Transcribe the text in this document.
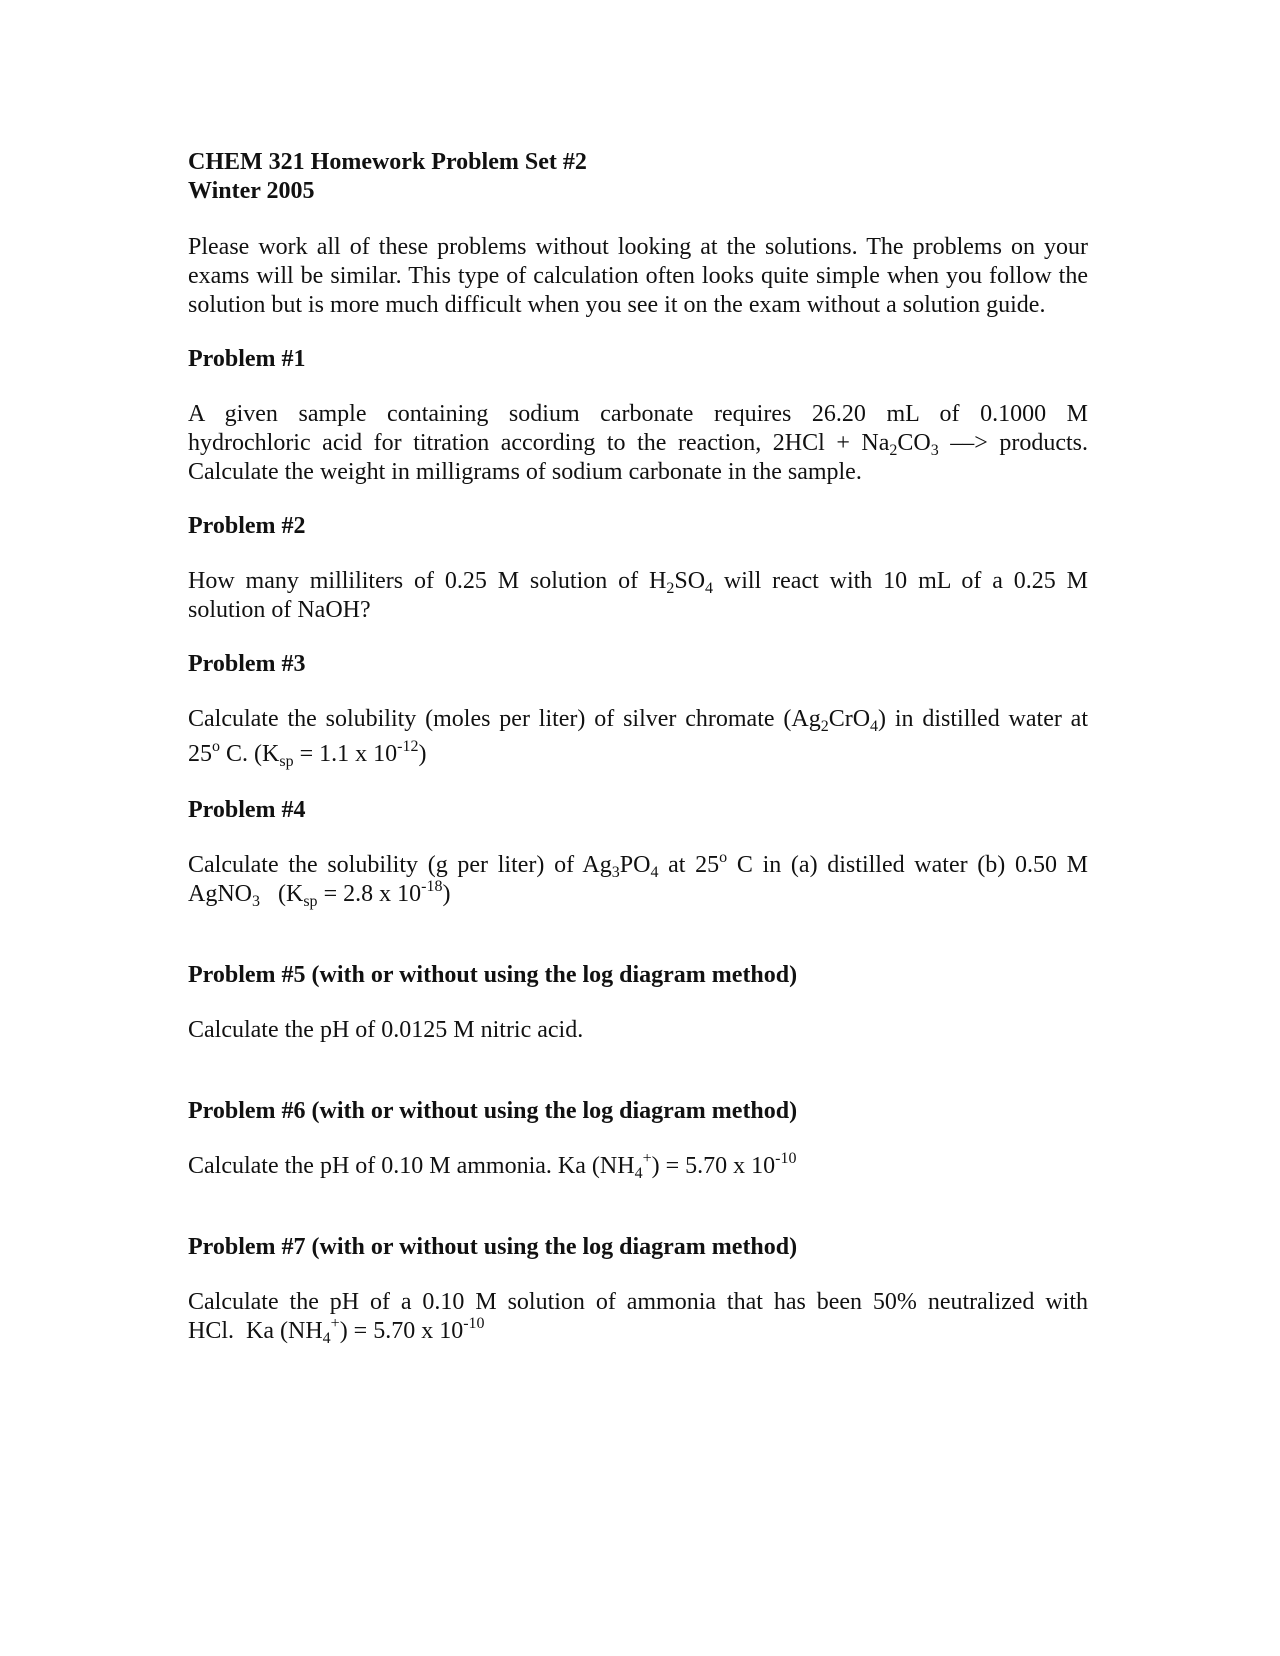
CHEM 321 Homework Problem Set #2
Winter 2005

Please work all of these problems without looking at the solutions. The problems on your exams will be similar. This type of calculation often looks quite simple when you follow the solution but is more much difficult when you see it on the exam without a solution guide.

Problem #1

A given sample containing sodium carbonate requires 26.20 mL of 0.1000 M
hydrochloric acid for titration according to the reaction, $2HCl + Na_2CO_3$ ––> products.
Calculate the weight in milligrams of sodium carbonate in the sample.

Problem #2

How many milliliters of 0.25 M solution of $H_2SO_4$ will react with 10 mL of a 0.25 M
solution of NaOH?

Problem #3

Calculate the solubility (moles per liter) of silver chromate $(Ag_2CrO_4)$ in distilled water at
25$^o$ C. ($K_{sp} = 1.1$ x $10^{-12}$)

Problem #4

Calculate the solubility (g per liter) of $Ag_3PO_4$ at 25$^o$ C in (a) distilled water (b) 0.50 M
AgNO$_3$   ($K_{sp} = 2.8$ x $10^{-18}$)

Problem #5 (with or without using the log diagram method)

Calculate the pH of 0.0125 M nitric acid.

Problem #6 (with or without using the log diagram method)

Calculate the pH of 0.10 M ammonia. Ka $(NH_4^+) = 5.70$ x $10^{-10}$

Problem #7 (with or without using the log diagram method)

Calculate the pH of a 0.10 M solution of ammonia that has been 50% neutralized with
HCl.  Ka $(NH_4^+) = 5.70$ x $10^{-10}$
